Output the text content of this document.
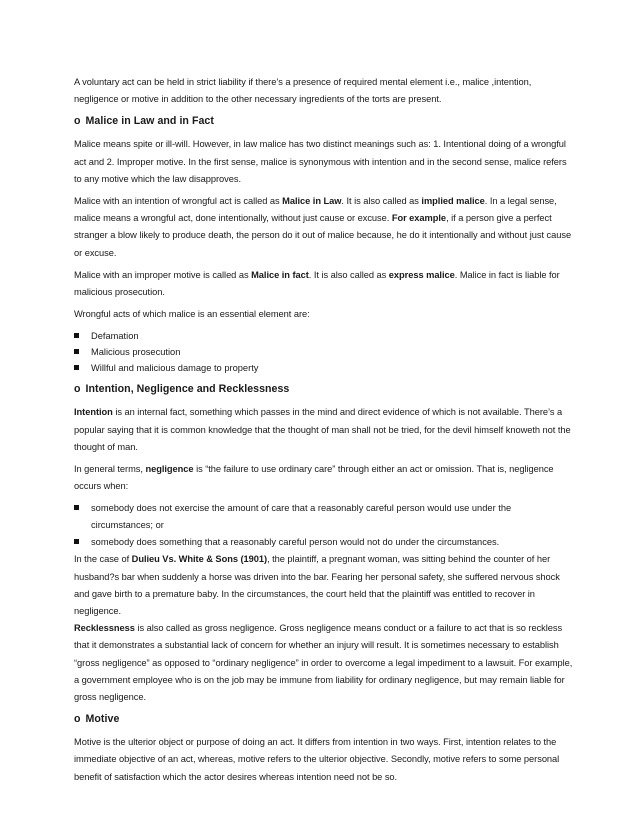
A voluntary act can be held in strict liability if there’s a presence of required mental element i.e., malice ,intention, negligence or motive in addition to the other necessary ingredients of the torts are present.

o Malice in Law and in Fact

Malice means spite or ill-will. However, in law malice has two distinct meanings such as: 1. Intentional doing of a wrongful act and 2. Improper motive. In the first sense, malice is synonymous with intention and in the second sense, malice refers to any motive which the law disapproves.

Malice with an intention of wrongful act is called as Malice in Law. It is also called as implied malice. In a legal sense, malice means a wrongful act, done intentionally, without just cause or excuse. For example, if a person give a perfect stranger a blow likely to produce death, the person do it out of malice because, he do it intentionally and without just cause or excuse.

Malice with an improper motive is called as Malice in fact. It is also called as express malice. Malice in fact is liable for malicious prosecution.

Wrongful acts of which malice is an essential element are:

Defamation
Malicious prosecution
Willful and malicious damage to property
o Intention, Negligence and Recklessness

Intention is an internal fact, something which passes in the mind and direct evidence of which is not available. There’s a popular saying that it is common knowledge that the thought of man shall not be tried, for the devil himself knoweth not the thought of man.

In general terms, negligence is “the failure to use ordinary care” through either an act or omission. That is, negligence occurs when:

somebody does not exercise the amount of care that a reasonably careful person would use under the circumstances; or
somebody does something that a reasonably careful person would not do under the circumstances.

In the case of Dulieu Vs. White & Sons (1901), the plaintiff, a pregnant woman, was sitting behind the counter of her husband?s bar when suddenly a horse was driven into the bar. Fearing her personal safety, she suffered nervous shock and gave birth to a premature baby. In the circumstances, the court held that the plaintiff was entitled to recover in negligence.

Recklessness is also called as gross negligence. Gross negligence means conduct or a failure to act that is so reckless that it demonstrates a substantial lack of concern for whether an injury will result. It is sometimes necessary to establish “gross negligence” as opposed to “ordinary negligence” in order to overcome a legal impediment to a lawsuit. For example, a government employee who is on the job may be immune from liability for ordinary negligence, but may remain liable for gross negligence.

o Motive

Motive is the ulterior object or purpose of doing an act. It differs from intention in two ways. First, intention relates to the immediate objective of an act, whereas, motive refers to the ulterior objective. Secondly, motive refers to some personal benefit of satisfaction which the actor desires whereas intention need not be so.
